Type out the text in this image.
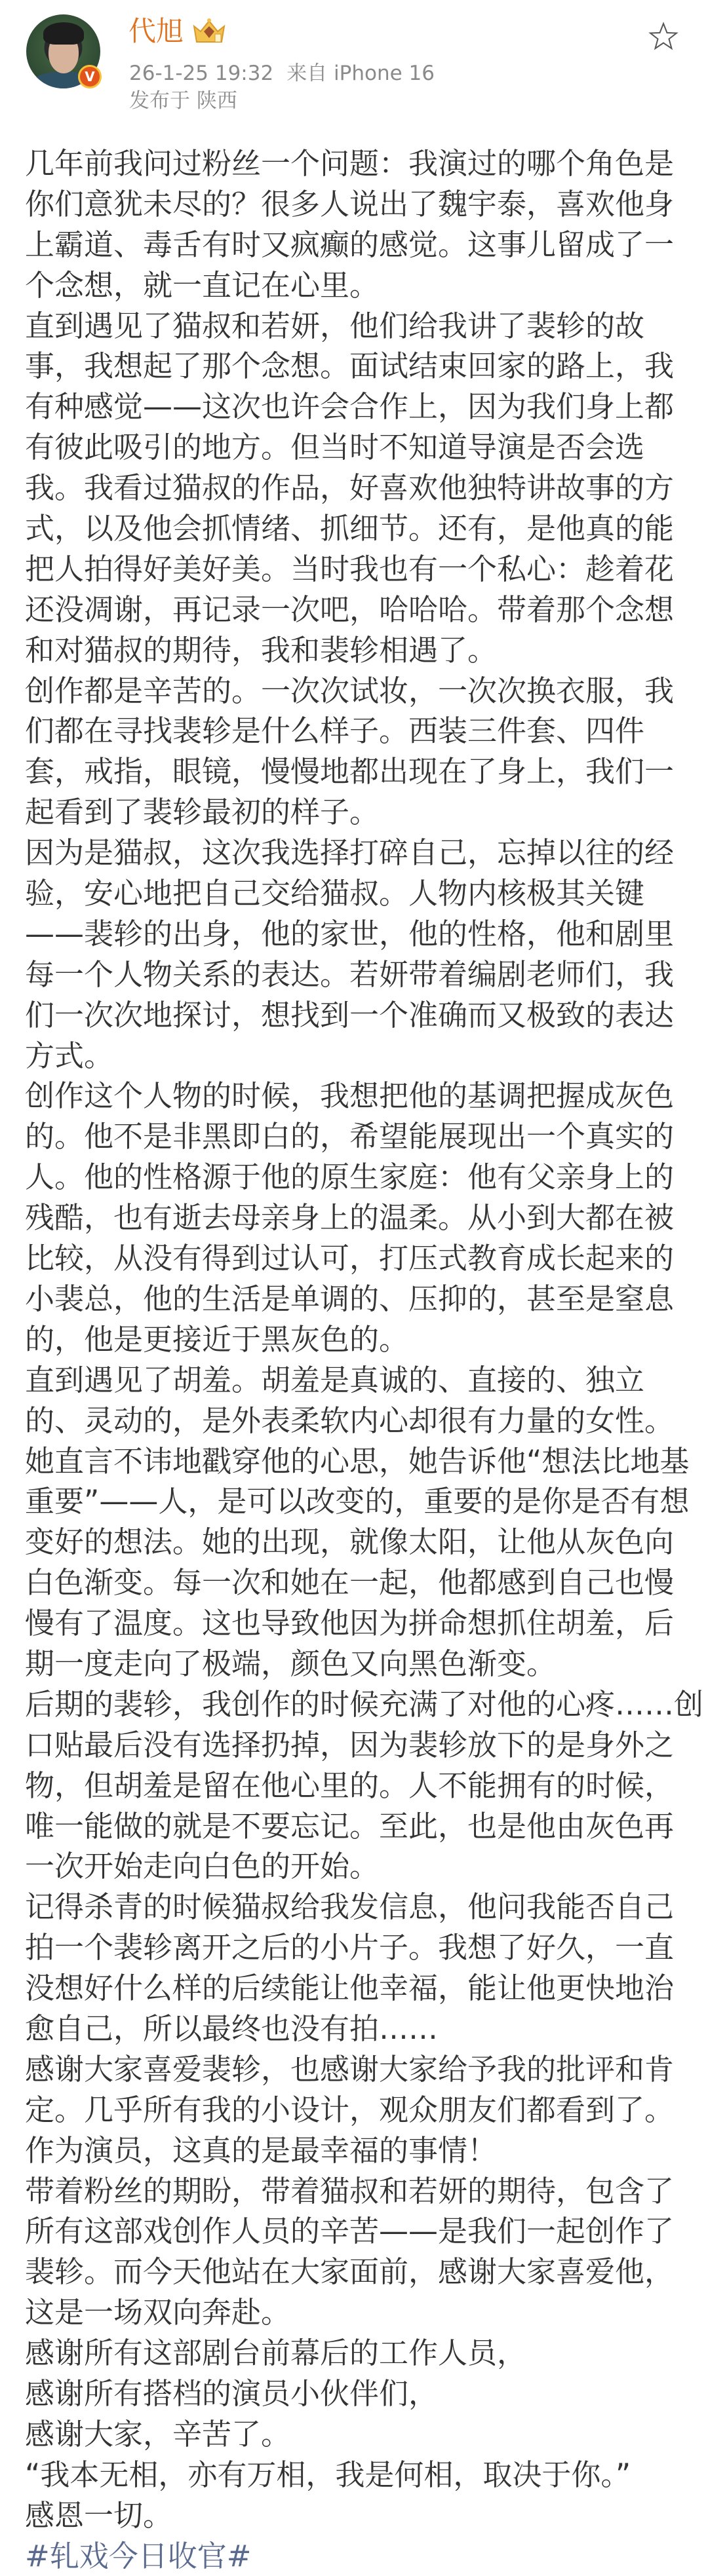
V
代旭
26-1-25 19:32 来自 iPhone 16
发布于 陕西
几年前我问过粉丝一个问题：我演过的哪个角色是
你们意犹未尽的？很多人说出了魏宇泰，喜欢他身
上霸道、毒舌有时又疯癫的感觉。这事儿留成了一
个念想，就一直记在心里。
直到遇见了猫叔和若妍，他们给我讲了裴轸的故
事，我想起了那个念想。面试结束回家的路上，我
有种感觉——这次也许会合作上，因为我们身上都
有彼此吸引的地方。但当时不知道导演是否会选
我。我看过猫叔的作品，好喜欢他独特讲故事的方
式，以及他会抓情绪、抓细节。还有，是他真的能
把人拍得好美好美。当时我也有一个私心：趁着花
还没凋谢，再记录一次吧，哈哈哈。带着那个念想
和对猫叔的期待，我和裴轸相遇了。
创作都是辛苦的。一次次试妆，一次次换衣服，我
们都在寻找裴轸是什么样子。西装三件套、四件
套，戒指，眼镜，慢慢地都出现在了身上，我们一
起看到了裴轸最初的样子。
因为是猫叔，这次我选择打碎自己，忘掉以往的经
验，安心地把自己交给猫叔。人物内核极其关键
——裴轸的出身，他的家世，他的性格，他和剧里
每一个人物关系的表达。若妍带着编剧老师们，我
们一次次地探讨，想找到一个准确而又极致的表达
方式。
创作这个人物的时候，我想把他的基调把握成灰色
的。他不是非黑即白的，希望能展现出一个真实的
人。他的性格源于他的原生家庭：他有父亲身上的
残酷，也有逝去母亲身上的温柔。从小到大都在被
比较，从没有得到过认可，打压式教育成长起来的
小裴总，他的生活是单调的、压抑的，甚至是窒息
的，他是更接近于黑灰色的。
直到遇见了胡羞。胡羞是真诚的、直接的、独立
的、灵动的，是外表柔软内心却很有力量的女性。
她直言不讳地戳穿他的心思，她告诉他“想法比地基
重要”——人，是可以改变的，重要的是你是否有想
变好的想法。她的出现，就像太阳，让他从灰色向
白色渐变。每一次和她在一起，他都感到自己也慢
慢有了温度。这也导致他因为拼命想抓住胡羞，后
期一度走向了极端，颜色又向黑色渐变。
后期的裴轸，我创作的时候充满了对他的心疼……创
口贴最后没有选择扔掉，因为裴轸放下的是身外之
物，但胡羞是留在他心里的。人不能拥有的时候，
唯一能做的就是不要忘记。至此，也是他由灰色再
一次开始走向白色的开始。
记得杀青的时候猫叔给我发信息，他问我能否自己
拍一个裴轸离开之后的小片子。我想了好久，一直
没想好什么样的后续能让他幸福，能让他更快地治
愈自己，所以最终也没有拍……
感谢大家喜爱裴轸，也感谢大家给予我的批评和肯
定。几乎所有我的小设计，观众朋友们都看到了。
作为演员，这真的是最幸福的事情！
带着粉丝的期盼，带着猫叔和若妍的期待，包含了
所有这部戏创作人员的辛苦——是我们一起创作了
裴轸。而今天他站在大家面前，感谢大家喜爱他，
这是一场双向奔赴。
感谢所有这部剧台前幕后的工作人员，
感谢所有搭档的演员小伙伴们，
感谢大家，辛苦了。
“我本无相，亦有万相，我是何相，取决于你。”
感恩一切。
#轧戏今日收官#
